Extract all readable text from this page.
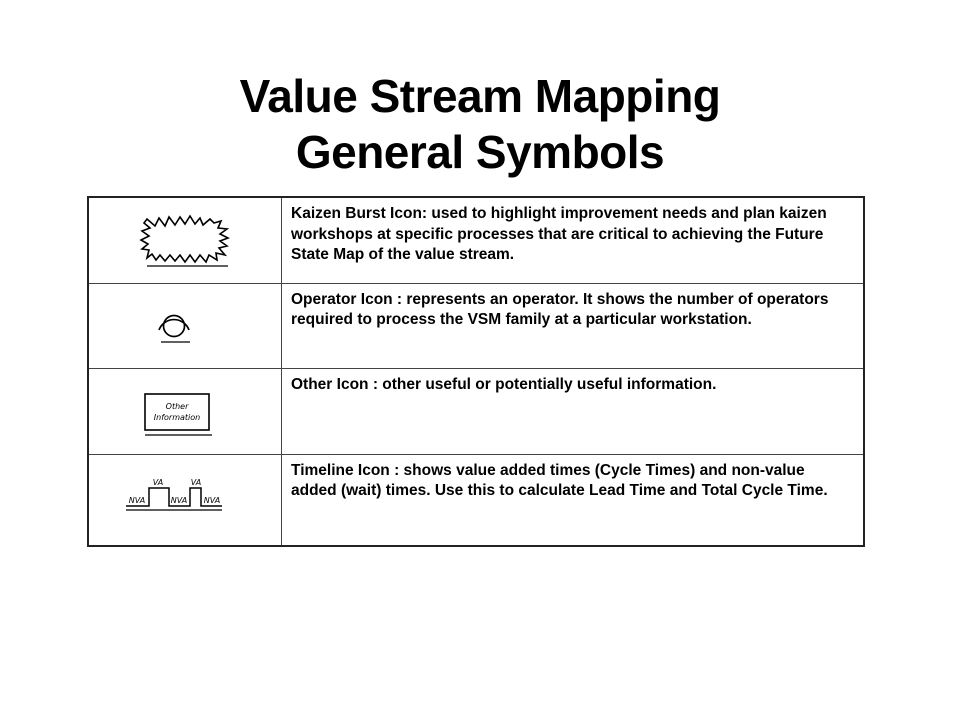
Value Stream Mapping
General Symbols
	Kaizen Burst Icon: used to highlight improvement needs and plan kaizen workshops at specific processes that are critical to achieving the Future State Map of the value stream.

	Operator Icon : represents an operator. It shows the number of operators required to process the VSM family at a particular workstation.

Other
Information	Other Icon : other useful or potentially useful information.

VA VA
NVA NVA NVA	Timeline Icon : shows value added times (Cycle Times) and non-value added (wait) times. Use this to calculate Lead Time and Total Cycle Time.
